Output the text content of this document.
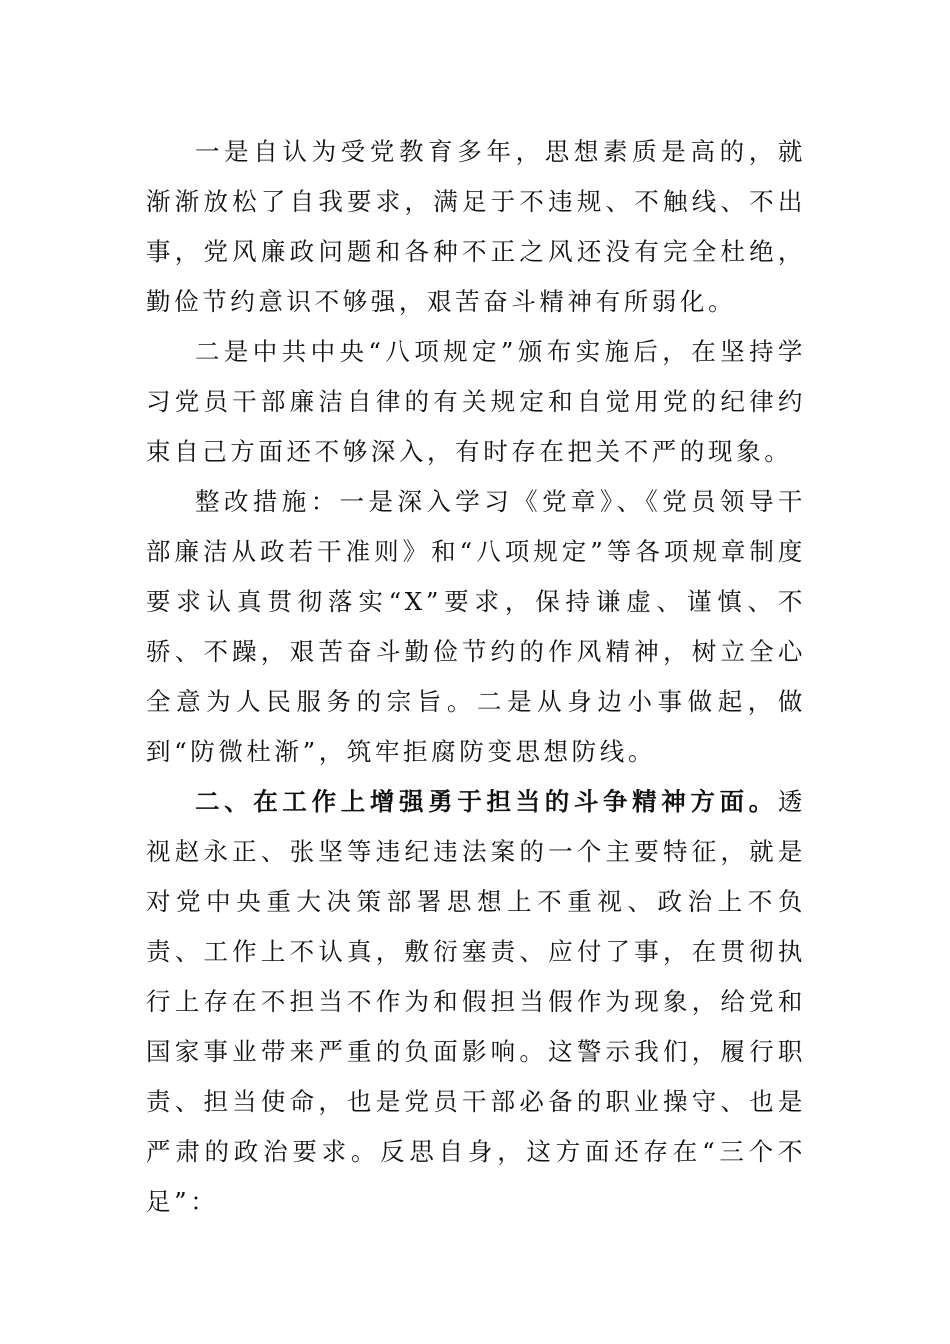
一是自认为受党教育多年，思想素质是高的，就渐渐放松了自我要求，满足于不违规、不触线、不出事，党风廉政问题和各种不正之风还没有完全杜绝，勤俭节约意识不够强，艰苦奋斗精神有所弱化。

二是中共中央“八项规定”颁布实施后，在坚持学习党员干部廉洁自律的有关规定和自觉用党的纪律约束自己方面还不够深入，有时存在把关不严的现象。

整改措施：一是深入学习《党章》、《党员领导干部廉洁从政若干准则》和“八项规定”等各项规章制度要求认真贯彻落实“X”要求，保持谦虚、谨慎、不骄、不躁，艰苦奋斗勤俭节约的作风精神，树立全心全意为人民服务的宗旨。二是从身边小事做起，做到“防微杜渐”，筑牢拒腐防变思想防线。

二、在工作上增强勇于担当的斗争精神方面。透视赵永正、张坚等违纪违法案的一个主要特征，就是对党中央重大决策部署思想上不重视、政治上不负责、工作上不认真，敷衍塞责、应付了事，在贯彻执行上存在不担当不作为和假担当假作为现象，给党和国家事业带来严重的负面影响。这警示我们，履行职责、担当使命，也是党员干部必备的职业操守、也是严肃的政治要求。反思自身，这方面还存在“三个不足”：
